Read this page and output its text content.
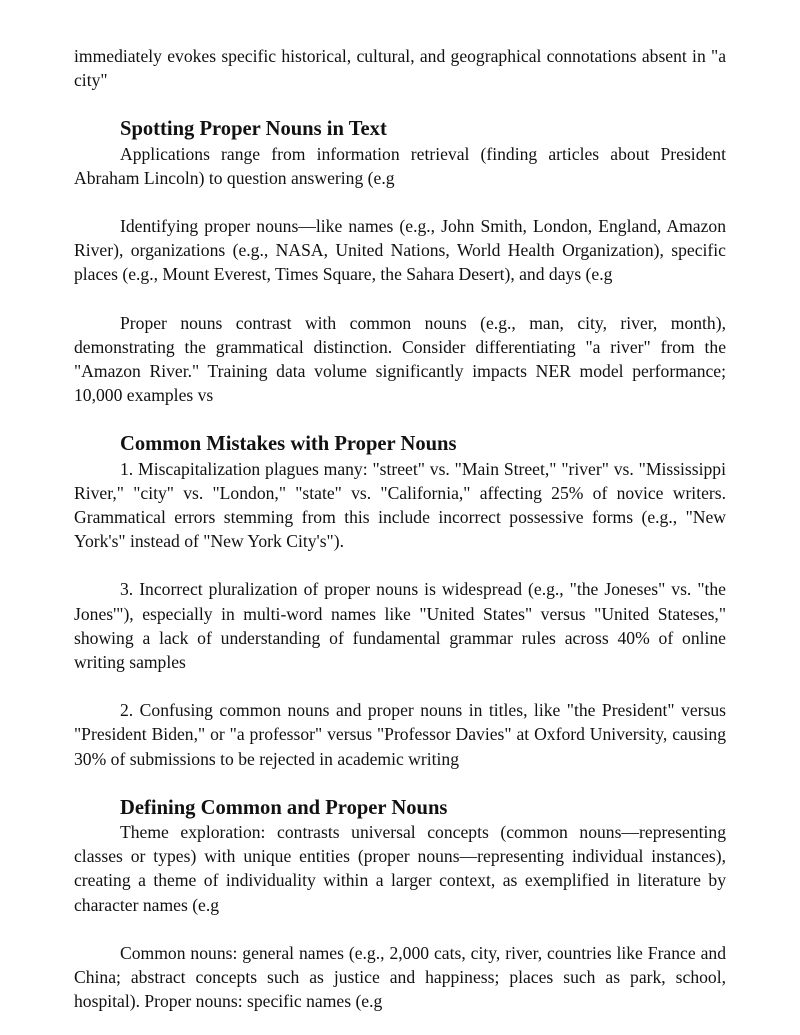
immediately evokes specific historical, cultural, and geographical connotations absent in "a city"

Spotting Proper Nouns in Text

Applications range from information retrieval (finding articles about President Abraham Lincoln) to question answering (e.g

Identifying proper nouns—like names (e.g., John Smith, London, England, Amazon River), organizations (e.g., NASA, United Nations, World Health Organization), specific places (e.g., Mount Everest, Times Square, the Sahara Desert), and days (e.g

Proper nouns contrast with common nouns (e.g., man, city, river, month), demonstrating the grammatical distinction. Consider differentiating "a river" from the "Amazon River." Training data volume significantly impacts NER model performance; 10,000 examples vs

Common Mistakes with Proper Nouns

1. Miscapitalization plagues many: "street" vs. "Main Street," "river" vs. "Mississippi River," "city" vs. "London," "state" vs. "California," affecting 25% of novice writers. Grammatical errors stemming from this include incorrect possessive forms (e.g., "New York's" instead of "New York City's").

3. Incorrect pluralization of proper nouns is widespread (e.g., "the Joneses" vs. "the Jones'"), especially in multi-word names like "United States" versus "United Stateses," showing a lack of understanding of fundamental grammar rules across 40% of online writing samples

2. Confusing common nouns and proper nouns in titles, like "the President" versus "President Biden," or "a professor" versus "Professor Davies" at Oxford University, causing 30% of submissions to be rejected in academic writing

Defining Common and Proper Nouns

Theme exploration: contrasts universal concepts (common nouns—representing classes or types) with unique entities (proper nouns—representing individual instances), creating a theme of individuality within a larger context, as exemplified in literature by character names (e.g

Common nouns: general names (e.g., 2,000 cats, city, river, countries like France and China; abstract concepts such as justice and happiness; places such as park, school, hospital). Proper nouns: specific names (e.g
